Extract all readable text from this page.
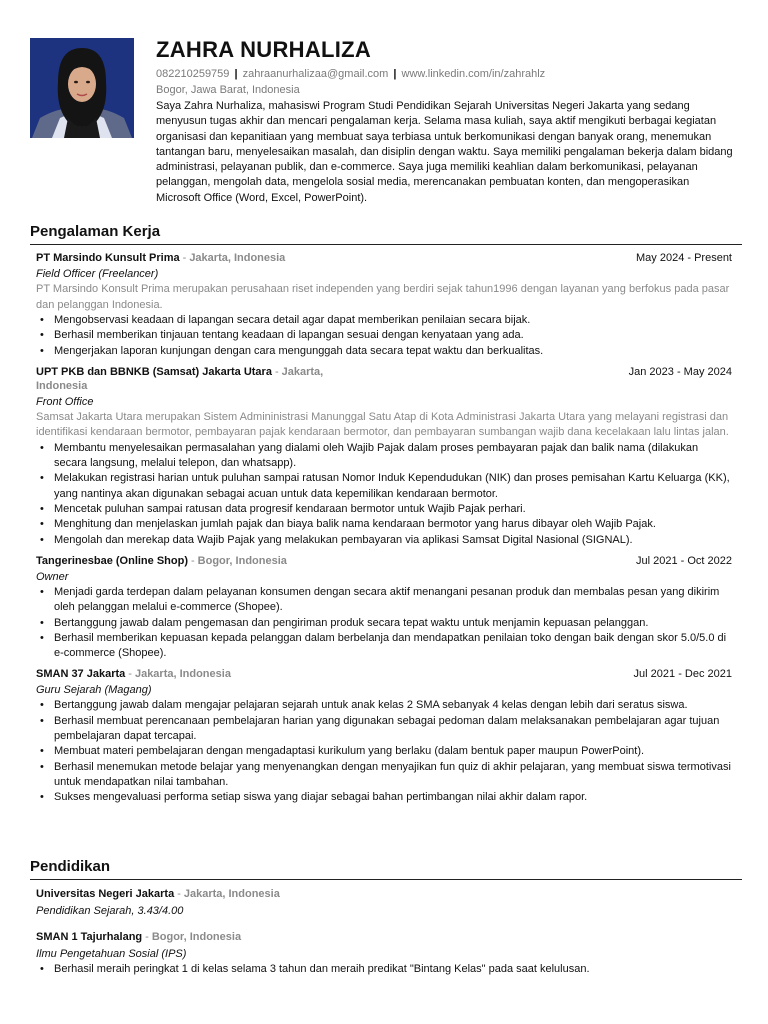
ZAHRA NURHALIZA
082210259759 | zahraanurhalizaa@gmail.com | www.linkedin.com/in/zahrahlz
Bogor, Jawa Barat, Indonesia
Saya Zahra Nurhaliza, mahasiswi Program Studi Pendidikan Sejarah Universitas Negeri Jakarta yang sedang menyusun tugas akhir dan mencari pengalaman kerja. Selama masa kuliah, saya aktif mengikuti berbagai kegiatan organisasi dan kepanitiaan yang membuat saya terbiasa untuk berkomunikasi dengan banyak orang, menemukan tantangan baru, menyelesaikan masalah, dan disiplin dengan waktu. Saya memiliki pengalaman bekerja dalam bidang administrasi, pelayanan publik, dan e-commerce. Saya juga memiliki keahlian dalam berkomunikasi, pelayanan pelanggan, mengolah data, mengelola sosial media, merencanakan pembuatan konten, dan mengoperasikan Microsoft Office (Word, Excel, PowerPoint).
Pengalaman Kerja
PT Marsindo Kunsult Prima - Jakarta, Indonesia	May 2024 - Present
Field Officer (Freelancer)
PT Marsindo Konsult Prima merupakan perusahaan riset independen yang berdiri sejak tahun1996 dengan layanan yang berfokus pada pasar dan pelanggan Indonesia.
• Mengobservasi keadaan di lapangan secara detail agar dapat memberikan penilaian secara bijak.
• Berhasil memberikan tinjauan tentang keadaan di lapangan sesuai dengan kenyataan yang ada.
• Mengerjakan laporan kunjungan dengan cara mengunggah data secara tepat waktu dan berkualitas.
UPT PKB dan BBNKB (Samsat) Jakarta Utara - Jakarta, Indonesia
Jan 2023 - May 2024
Front Office
Samsat Jakarta Utara merupakan Sistem Admininistrasi Manunggal Satu Atap di Kota Administrasi Jakarta Utara yang melayani registrasi dan identifikasi kendaraan bermotor, pembayaran pajak kendaraan bermotor, dan pembayaran sumbangan wajib dana kecelakaan lalu lintas jalan.
• Membantu menyelesaikan permasalahan yang dialami oleh Wajib Pajak dalam proses pembayaran pajak dan balik nama (dilakukan secara langsung, melalui telepon, dan whatsapp).
• Melakukan registrasi harian untuk puluhan sampai ratusan Nomor Induk Kependudukan (NIK) dan proses pemisahan Kartu Keluarga (KK), yang nantinya akan digunakan sebagai acuan untuk data kepemilikan kendaraan bermotor.
• Mencetak puluhan sampai ratusan data progresif kendaraan bermotor untuk Wajib Pajak perhari.
• Menghitung dan menjelaskan jumlah pajak dan biaya balik nama kendaraan bermotor yang harus dibayar oleh Wajib Pajak.
• Mengolah dan merekap data Wajib Pajak yang melakukan pembayaran via aplikasi Samsat Digital Nasional (SIGNAL).
Tangerinesbae (Online Shop) - Bogor, Indonesia	Jul 2021 - Oct 2022
Owner
• Menjadi garda terdepan dalam pelayanan konsumen dengan secara aktif menangani pesanan produk dan membalas pesan yang dikirim oleh pelanggan melalui e-commerce (Shopee).
• Bertanggung jawab dalam pengemasan dan pengiriman produk secara tepat waktu untuk menjamin kepuasan pelanggan.
• Berhasil memberikan kepuasan kepada pelanggan dalam berbelanja dan mendapatkan penilaian toko dengan baik dengan skor 5.0/5.0 di e-commerce (Shopee).
SMAN 37 Jakarta - Jakarta, Indonesia	Jul 2021 - Dec 2021
Guru Sejarah (Magang)
• Bertanggung jawab dalam mengajar pelajaran sejarah untuk anak kelas 2 SMA sebanyak 4 kelas dengan lebih dari seratus siswa.
• Berhasil membuat perencanaan pembelajaran harian yang digunakan sebagai pedoman dalam melaksanakan pembelajaran agar tujuan pembelajaran dapat tercapai.
• Membuat materi pembelajaran dengan mengadaptasi kurikulum yang berlaku (dalam bentuk paper maupun PowerPoint).
• Berhasil menemukan metode belajar yang menyenangkan dengan menyajikan fun quiz di akhir pelajaran, yang membuat siswa termotivasi untuk mendapatkan nilai tambahan.
• Sukses mengevaluasi performa setiap siswa yang diajar sebagai bahan pertimbangan nilai akhir dalam rapor.
Pendidikan
Universitas Negeri Jakarta - Jakarta, Indonesia
Pendidikan Sejarah, 3.43/4.00
SMAN 1 Tajurhalang - Bogor, Indonesia
Ilmu Pengetahuan Sosial (IPS)
• Berhasil meraih peringkat 1 di kelas selama 3 tahun dan meraih predikat "Bintang Kelas" pada saat kelulusan.
